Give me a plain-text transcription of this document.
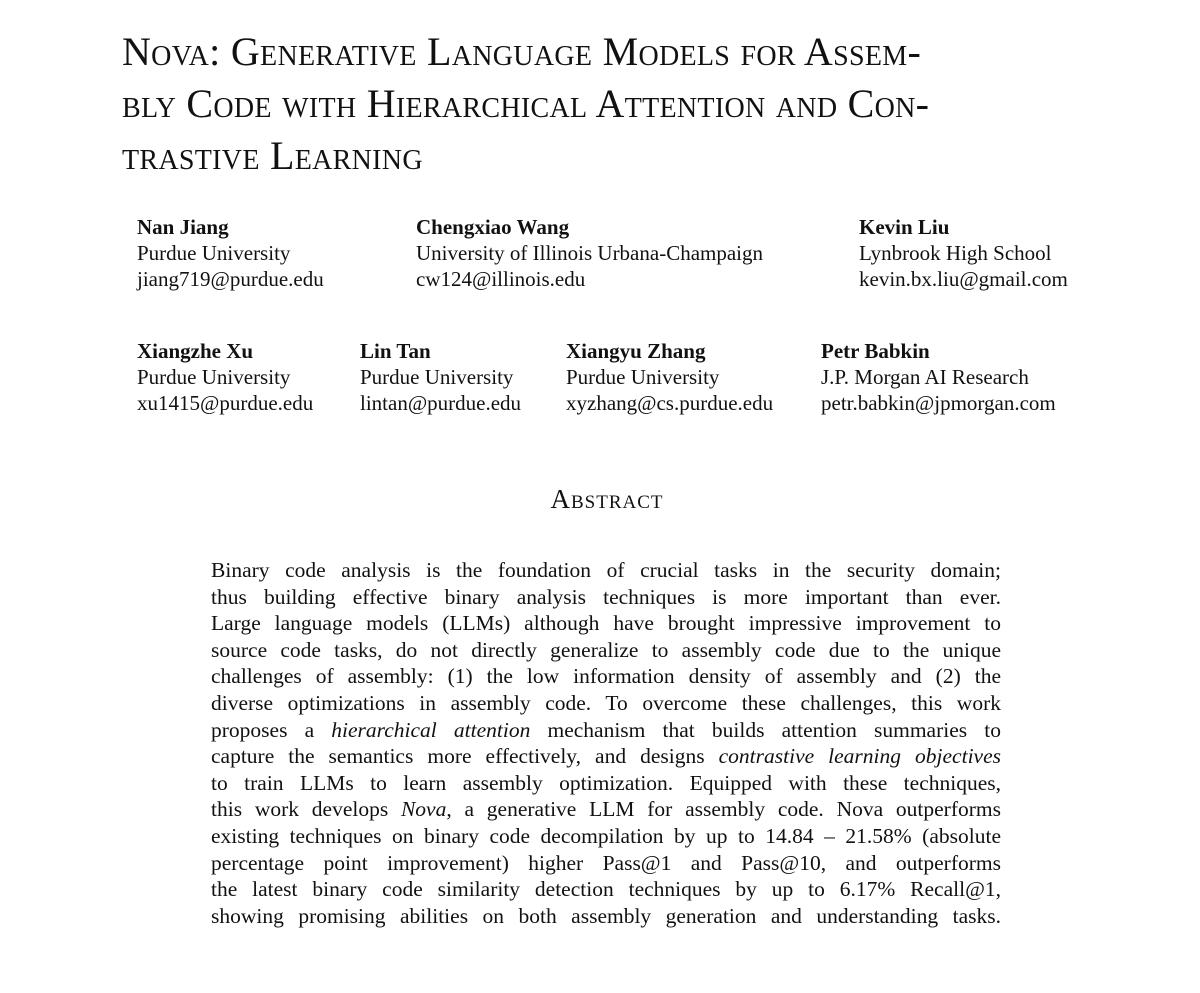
Nova: Generative Language Models for Assem-
bly Code with Hierarchical Attention and Con-
trastive Learning
Nan Jiang
Purdue University
jiang719@purdue.edu
Chengxiao Wang
University of Illinois Urbana-Champaign
cw124@illinois.edu
Kevin Liu
Lynbrook High School
kevin.bx.liu@gmail.com
Xiangzhe Xu
Purdue University
xu1415@purdue.edu
Lin Tan
Purdue University
lintan@purdue.edu
Xiangyu Zhang
Purdue University
xyzhang@cs.purdue.edu
Petr Babkin
J.P. Morgan AI Research
petr.babkin@jpmorgan.com
Abstract
Binary code analysis is the foundation of crucial tasks in the security domain;
thus building effective binary analysis techniques is more important than ever.
Large language models (LLMs) although have brought impressive improvement to
source code tasks, do not directly generalize to assembly code due to the unique
challenges of assembly: (1) the low information density of assembly and (2) the
diverse optimizations in assembly code. To overcome these challenges, this work
proposes a hierarchical attention mechanism that builds attention summaries to
capture the semantics more effectively, and designs contrastive learning objectives
to train LLMs to learn assembly optimization. Equipped with these techniques,
this work develops Nova, a generative LLM for assembly code. Nova outperforms
existing techniques on binary code decompilation by up to 14.84 – 21.58% (absolute
percentage point improvement) higher Pass@1 and Pass@10, and outperforms
the latest binary code similarity detection techniques by up to 6.17% Recall@1,
showing promising abilities on both assembly generation and understanding tasks.
